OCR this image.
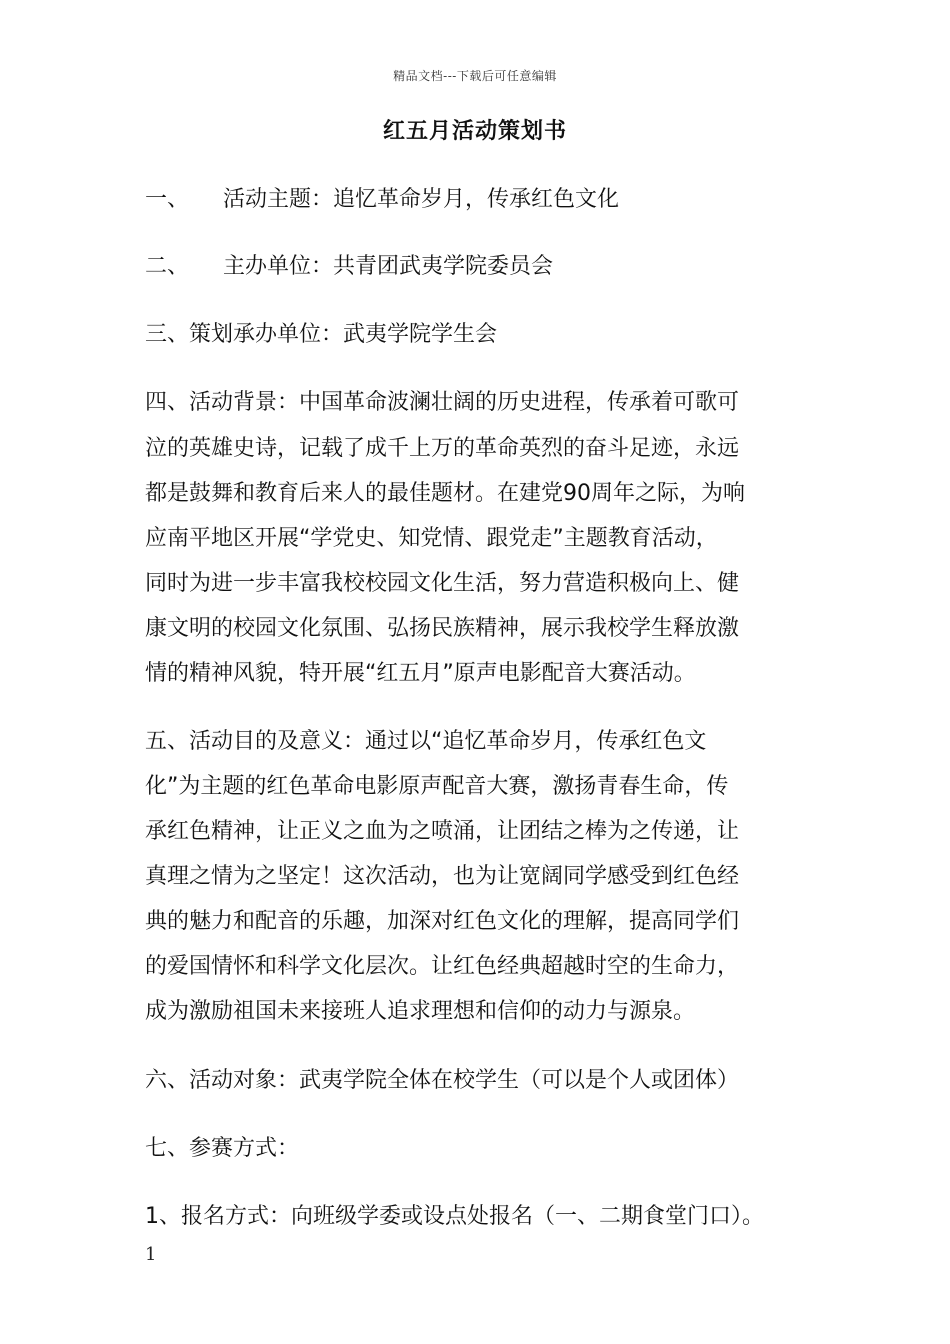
精品文档---下载后可任意编辑
红五月活动策划书
一、 活动主题：追忆革命岁月，传承红色文化
二、 主办单位：共青团武夷学院委员会
三、策划承办单位：武夷学院学生会
四、活动背景：中国革命波澜壮阔的历史进程，传承着可歌可
泣的英雄史诗，记载了成千上万的革命英烈的奋斗足迹，永远
都是鼓舞和教育后来人的最佳题材。在建党90周年之际，为响
应南平地区开展“学党史、知党情、跟党走”主题教育活动，
同时为进一步丰富我校校园文化生活，努力营造积极向上、健
康文明的校园文化氛围、弘扬民族精神，展示我校学生释放激
情的精神风貌，特开展“红五月”原声电影配音大赛活动。
五、活动目的及意义：通过以“追忆革命岁月，传承红色文
化”为主题的红色革命电影原声配音大赛，激扬青春生命，传
承红色精神，让正义之血为之喷涌，让团结之棒为之传递，让
真理之情为之坚定！这次活动，也为让宽阔同学感受到红色经
典的魅力和配音的乐趣，加深对红色文化的理解，提高同学们
的爱国情怀和科学文化层次。让红色经典超越时空的生命力，
成为激励祖国未来接班人追求理想和信仰的动力与源泉。
六、活动对象：武夷学院全体在校学生（可以是个人或团体）
七、参赛方式：
1、报名方式：向班级学委或设点处报名（一、二期食堂门口）。
1
